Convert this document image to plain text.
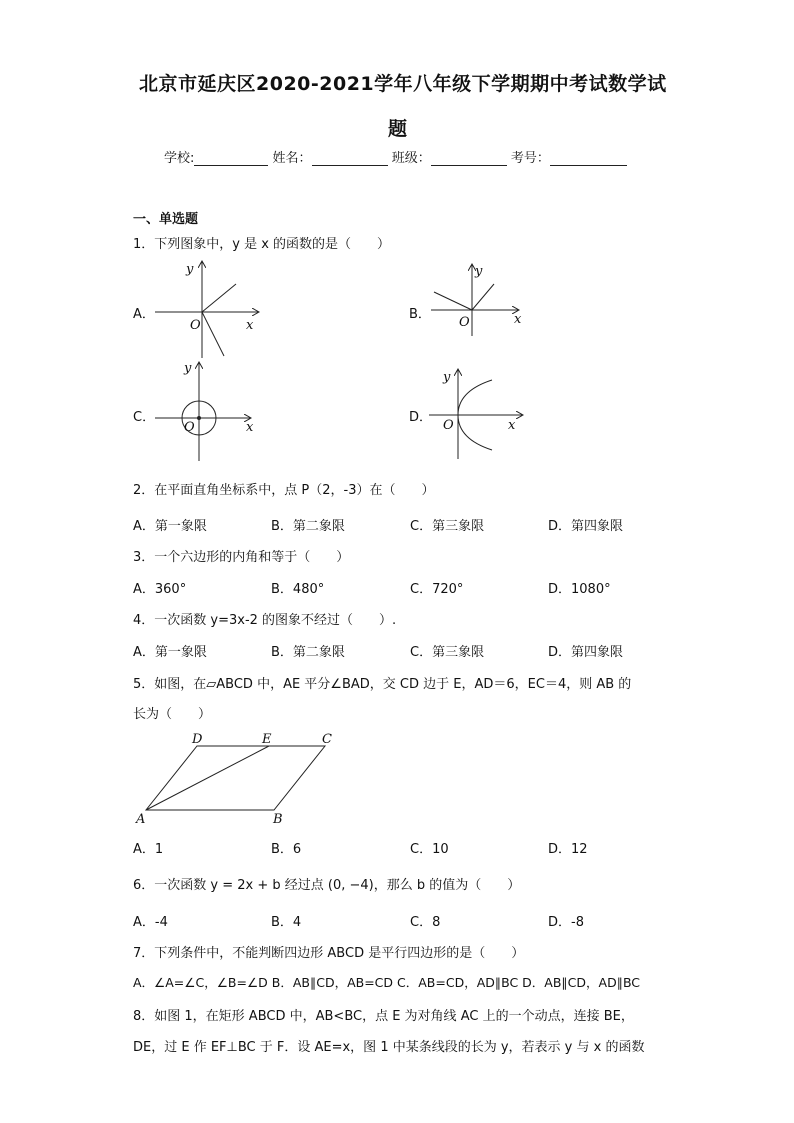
北京市延庆区2020-2021学年八年级下学期期中考试数学试
题
学校:	姓名：	班级：	考号：
一、单选题
1．下列图象中，y 是 x 的函数的是（　　）
A．	B．
C．	D．
y
x
O
y
x
O
y
x
O
y
x
O
2．在平面直角坐标系中，点 P（2，-3）在（　　）
A．第一象限	B．第二象限	C．第三象限	D．第四象限
3．一个六边形的内角和等于（　　）
A．360°	B．480°	C．720°	D．1080°
4．一次函数 y=3x-2 的图象不经过（　　）.
A．第一象限	B．第二象限	C．第三象限	D．第四象限
5．如图，在▱ABCD 中，AE 平分∠BAD，交 CD 边于 E，AD＝6，EC＝4，则 AB 的
长为（　　）
D	E	C
A	B
A．1	B．6	C．10	D．12
6．一次函数 y = 2x + b 经过点 (0, −4)，那么 b 的值为（　　）
A．-4	B．4	C．8	D．-8
7．下列条件中，不能判断四边形 ABCD 是平行四边形的是（　　）
A．∠A=∠C，∠B=∠D B．AB∥CD，AB=CD C．AB=CD，AD∥BC D．AB∥CD，AD∥BC
8．如图 1，在矩形 ABCD 中，AB<BC，点 E 为对角线 AC 上的一个动点，连接 BE，
DE，过 E 作 EF⊥BC 于 F．设 AE=x，图 1 中某条线段的长为 y，若表示 y 与 x 的函数
